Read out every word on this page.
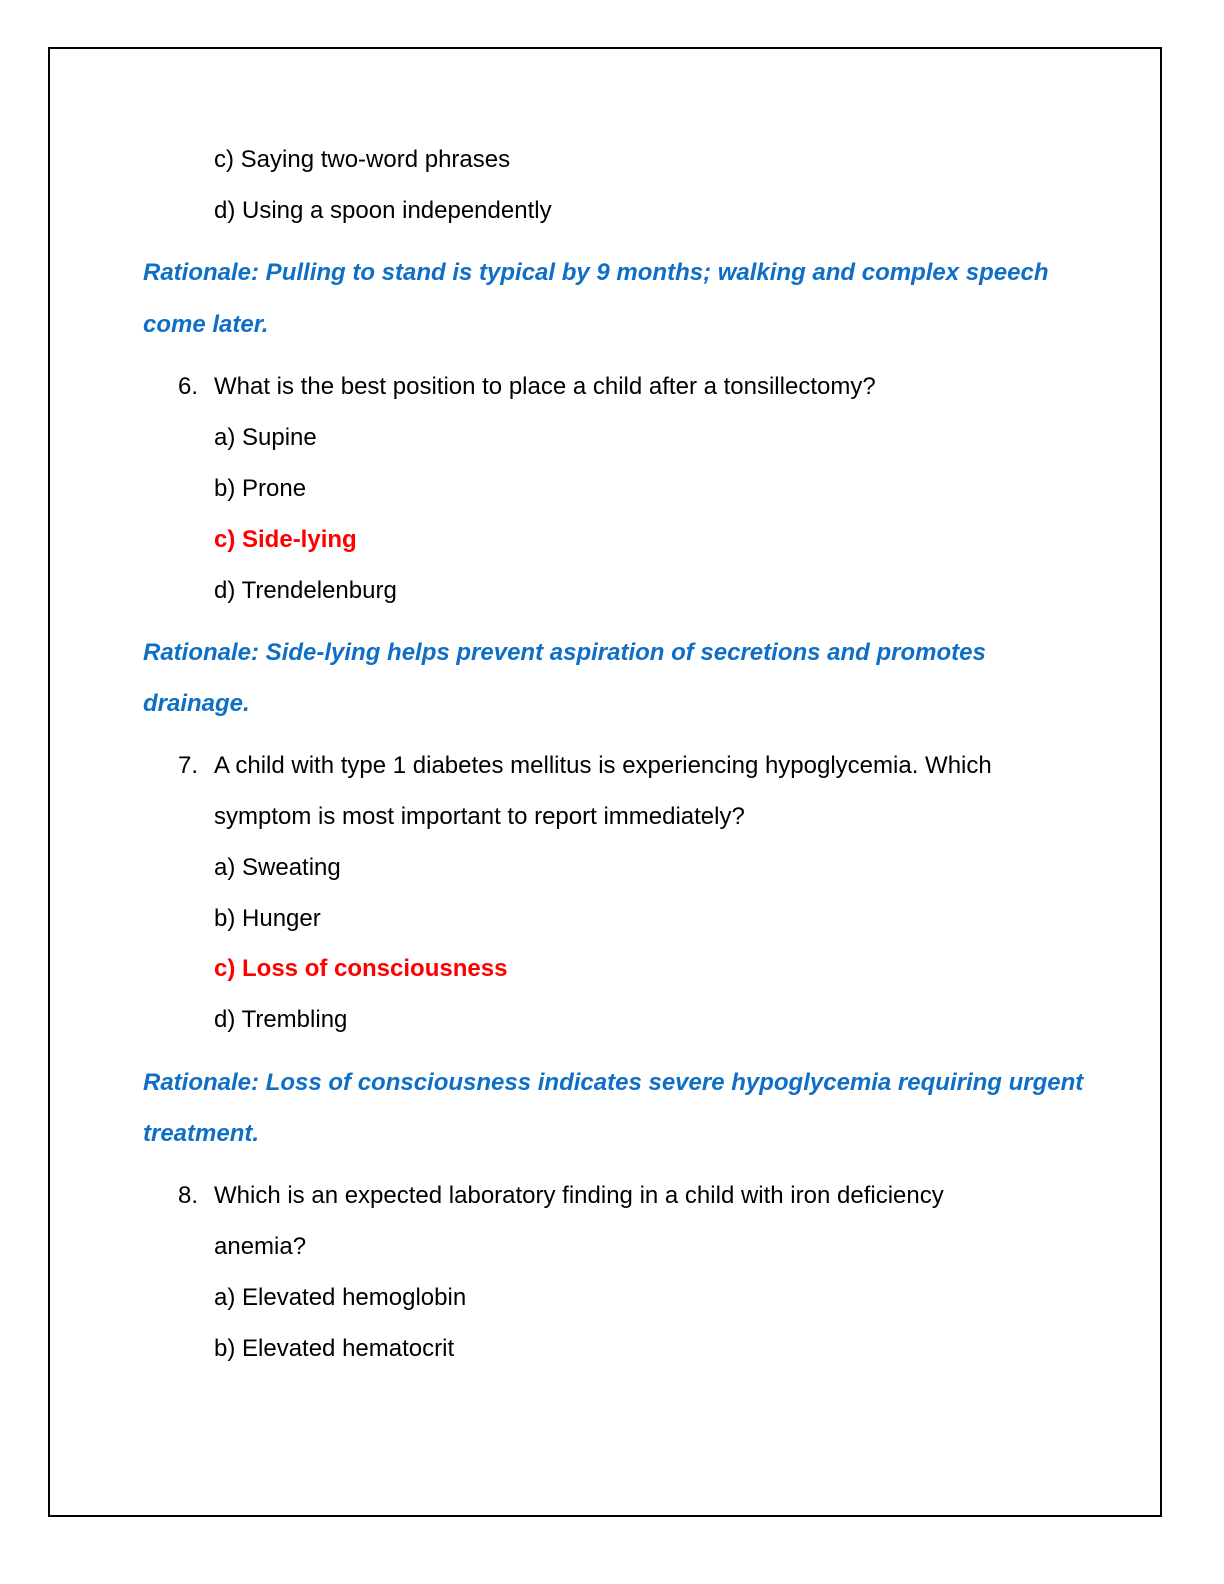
c) Saying two-word phrases
d) Using a spoon independently
Rationale: Pulling to stand is typical by 9 months; walking and complex speech
come later.
6. What is the best position to place a child after a tonsillectomy?
a) Supine
b) Prone
c) Side-lying
d) Trendelenburg
Rationale: Side-lying helps prevent aspiration of secretions and promotes
drainage.
7. A child with type 1 diabetes mellitus is experiencing hypoglycemia. Which
symptom is most important to report immediately?
a) Sweating
b) Hunger
c) Loss of consciousness
d) Trembling
Rationale: Loss of consciousness indicates severe hypoglycemia requiring urgent
treatment.
8. Which is an expected laboratory finding in a child with iron deficiency
anemia?
a) Elevated hemoglobin
b) Elevated hematocrit
